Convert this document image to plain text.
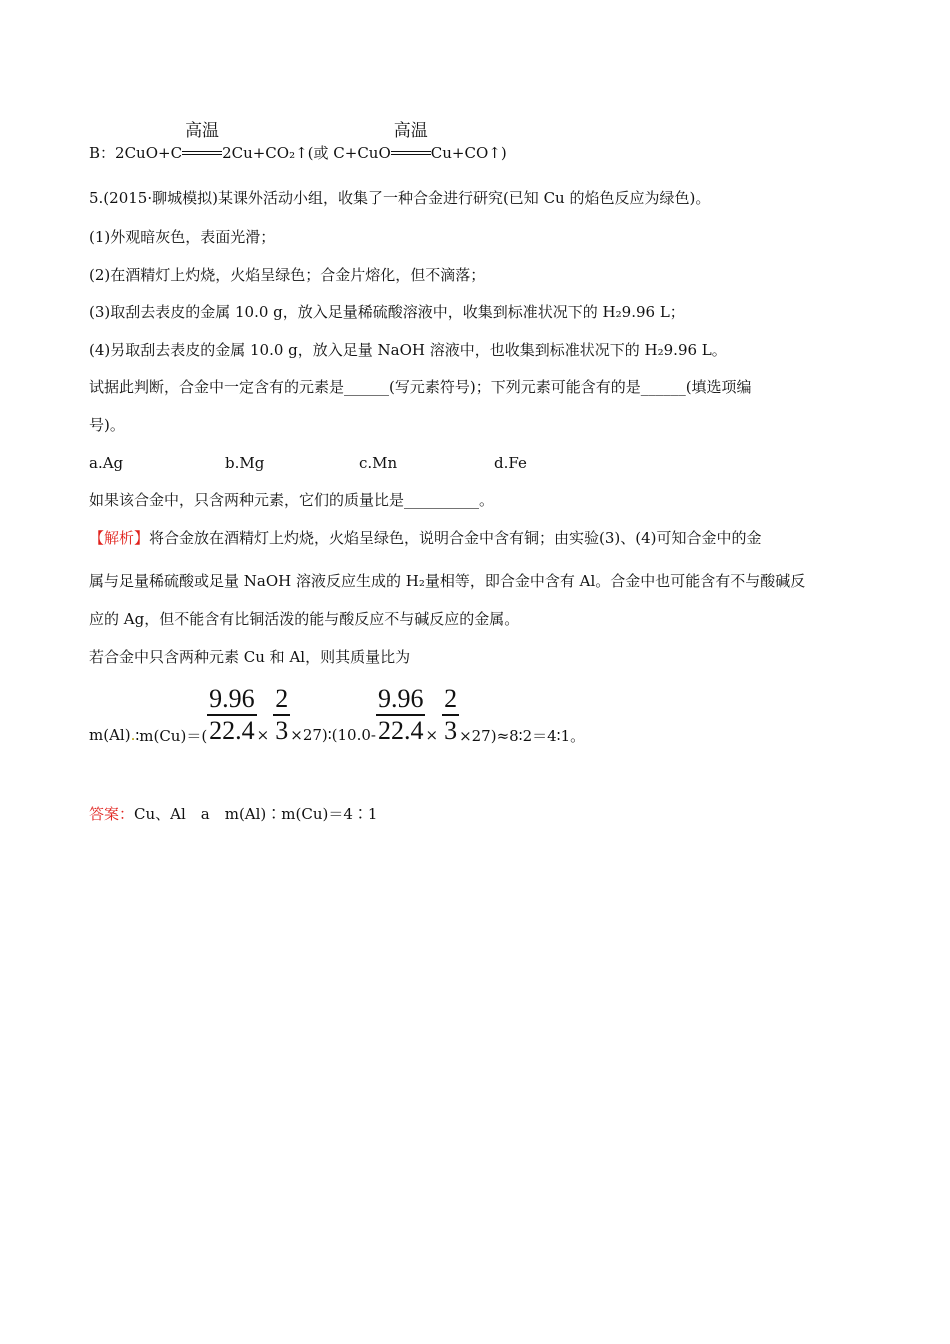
B：2CuO+C
高温
2Cu+CO₂↑(或 C+CuO
高温
Cu+CO↑)
5.(2015·聊城模拟)某课外活动小组，收集了一种合金进行研究(已知 Cu 的焰色反应为绿色)。
(1)外观暗灰色，表面光滑；
(2)在酒精灯上灼烧，火焰呈绿色；合金片熔化，但不滴落；
(3)取刮去表皮的金属 10.0 g，放入足量稀硫酸溶液中，收集到标准状况下的 H₂9.96 L；
(4)另取刮去表皮的金属 10.0 g，放入足量 NaOH 溶液中，也收集到标准状况下的 H₂9.96 L。
试据此判断，合金中一定含有的元素是______(写元素符号)；下列元素可能含有的是______(填选项编
号)。
a.Ag	b.Mg	c.Mn	d.Fe
如果该合金中，只含两种元素，它们的质量比是__________。
【解析】将合金放在酒精灯上灼烧，火焰呈绿色，说明合金中含有铜；由实验(3)、(4)可知合金中的金
属与足量稀硫酸或足量 NaOH 溶液反应生成的 H₂量相等，即合金中含有 Al。合金中也可能含有不与酸碱反
应的 Ag，但不能含有比铜活泼的能与酸反应不与碱反应的金属。
若合金中只含两种元素 Cu 和 Al，则其质量比为
m(Al).∶m(Cu)＝( $\frac{9.96}{22.4} \times \frac{2}{3}$ ×27)∶(10.0- $\frac{9.96}{22.4} \times \frac{2}{3}$ ×27)≈8∶2＝4∶1。
答案：Cu、Al　a　m(Al)∶m(Cu)＝4∶1
